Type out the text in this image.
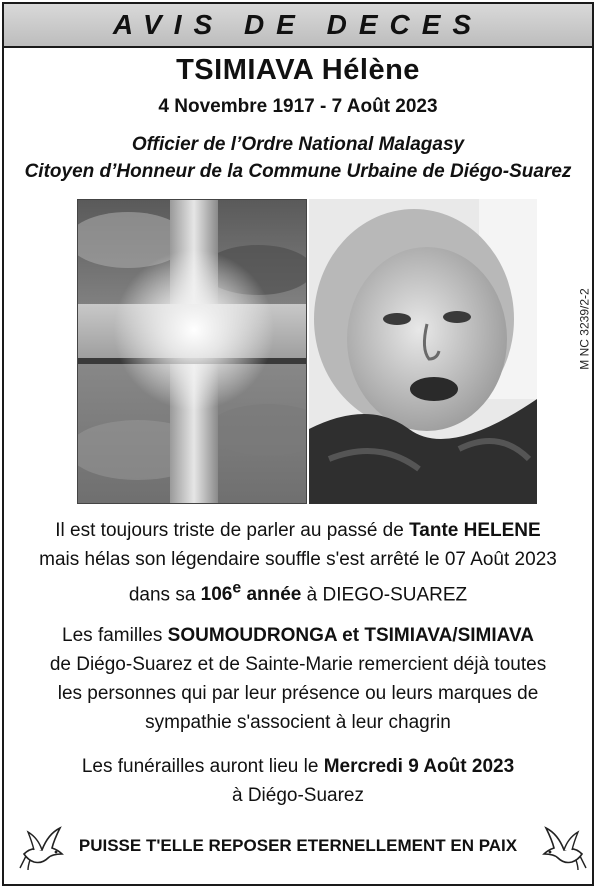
AVIS DE DECES
TSIMIAVA Hélène
4 Novembre 1917 - 7 Août 2023
Officier de l’Ordre National Malagasy
Citoyen d’Honneur de la Commune Urbaine de Diégo-Suarez
M NC 3239/2-2
Il est toujours triste de parler au passé de Tante HELENE
mais hélas son légendaire souffle s'est arrêté le 07 Août 2023
dans sa 106e année à DIEGO-SUAREZ
Les familles SOUMOUDRONGA et TSIMIAVA/SIMIAVA
de Diégo-Suarez et de Sainte-Marie remercient déjà toutes
les personnes qui par leur présence ou leurs marques de
sympathie s'associent à leur chagrin
Les funérailles auront lieu le Mercredi 9 Août 2023
à Diégo-Suarez
PUISSE T'ELLE REPOSER ETERNELLEMENT EN PAIX
